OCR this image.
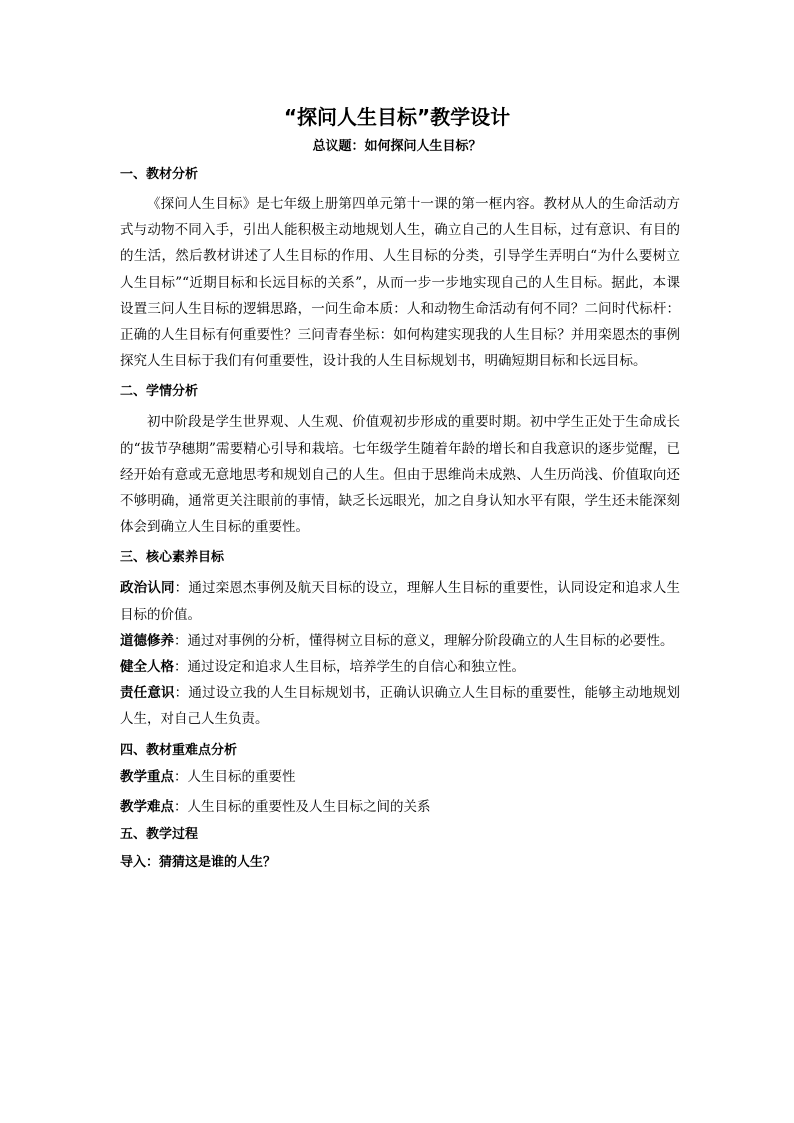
“探问人生目标”教学设计
总议题：如何探问人生目标？
一、教材分析

《探问人生目标》是七年级上册第四单元第十一课的第一框内容。教材从人的生命活动方式与动物不同入手，引出人能积极主动地规划人生，确立自己的人生目标，过有意识、有目的的生活，然后教材讲述了人生目标的作用、人生目标的分类，引导学生弄明白“为什么要树立人生目标”“近期目标和长远目标的关系”，从而一步一步地实现自己的人生目标。据此，本课设置三问人生目标的逻辑思路，一问生命本质：人和动物生命活动有何不同？二问时代标杆：正确的人生目标有何重要性？三问青春坐标：如何构建实现我的人生目标？并用栾恩杰的事例探究人生目标于我们有何重要性，设计我的人生目标规划书，明确短期目标和长远目标。

二、学情分析

初中阶段是学生世界观、人生观、价值观初步形成的重要时期。初中学生正处于生命成长的“拔节孕穗期”需要精心引导和栽培。七年级学生随着年龄的增长和自我意识的逐步觉醒，已经开始有意或无意地思考和规划自己的人生。但由于思维尚未成熟、人生历尚浅、价值取向还不够明确，通常更关注眼前的事情，缺乏长远眼光，加之自身认知水平有限，学生还未能深刻体会到确立人生目标的重要性。

三、核心素养目标

政治认同：通过栾恩杰事例及航天目标的设立，理解人生目标的重要性，认同设定和追求人生目标的价值。

道德修养：通过对事例的分析，懂得树立目标的意义，理解分阶段确立的人生目标的必要性。

健全人格：通过设定和追求人生目标，培养学生的自信心和独立性。

责任意识：通过设立我的人生目标规划书，正确认识确立人生目标的重要性，能够主动地规划人生，对自己人生负责。

四、教材重难点分析

教学重点：人生目标的重要性

教学难点：人生目标的重要性及人生目标之间的关系

五、教学过程
导入：猜猜这是谁的人生？
